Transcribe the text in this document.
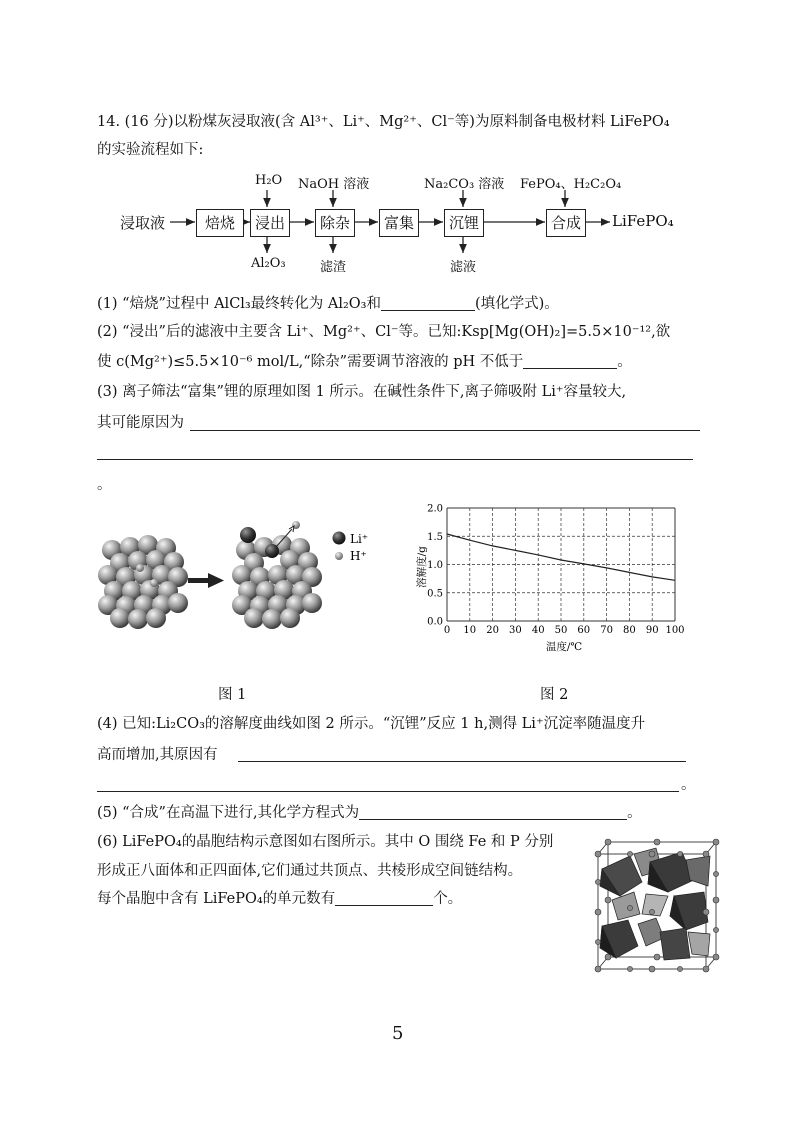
14. (16 分)以粉煤灰浸取液(含 Al³⁺、Li⁺、Mg²⁺、Cl⁻等)为原料制备电极材料 LiFePO₄
的实验流程如下:
浸取液	焙烧	浸出	除杂	富集	沉锂	合成	LiFePO₄
H₂O NaOH 溶液	Na₂CO₃ 溶液 FePO₄、H₂C₂O₄
Al₂O₃	滤渣	滤液
(1) “焙烧”过程中 AlCl₃最终转化为 Al₂O₃和	(填化学式)。
(2) “浸出”后的滤液中主要含 Li⁺、Mg²⁺、Cl⁻等。已知:Ksp[Mg(OH)₂]=5.5×10⁻¹²,欲
使 c(Mg²⁺)≤5.5×10⁻⁶ mol/L,“除杂”需要调节溶液的 pH 不低于	。
(3) 离子筛法“富集”锂的原理如图 1 所示。在碱性条件下,离子筛吸附 Li⁺容量较大,
其可能原因为
。
Li⁺
H⁺
图 1
0.0
0.5
1.0
1.5
2.0
0 10 20 30 40 50 60 70 80 90 100
温度/℃
溶解度/g
图 2
(4) 已知:Li₂CO₃的溶解度曲线如图 2 所示。“沉锂”反应 1 h,测得 Li⁺沉淀率随温度升
高而增加,其原因有
。
(5) “合成”在高温下进行,其化学方程式为	。
(6) LiFePO₄的晶胞结构示意图如右图所示。其中 O 围绕 Fe 和 P 分别
形成正八面体和正四面体,它们通过共顶点、共棱形成空间链结构。
每个晶胞中含有 LiFePO₄的单元数有	个。
5
